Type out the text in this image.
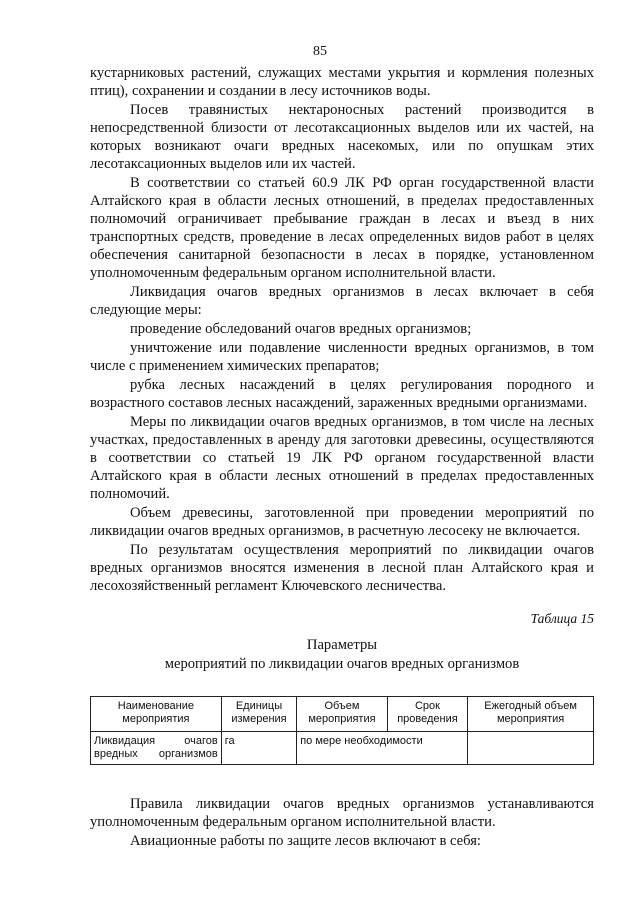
85

кустарниковых растений, служащих местами укрытия и кормления полезных птиц), сохранении и создании в лесу источников воды.

Посев травянистых нектароносных растений производится в непосредственной близости от лесотаксационных выделов или их частей, на которых возникают очаги вредных насекомых, или по опушкам этих лесотаксационных выделов или их частей.

В соответствии со статьей 60.9 ЛК РФ орган государственной власти Алтайского края в области лесных отношений, в пределах предоставленных полномочий ограничивает пребывание граждан в лесах и въезд в них транспортных средств, проведение в лесах определенных видов работ в целях обеспечения санитарной безопасности в лесах в порядке, установленном уполномоченным федеральным органом исполнительной власти.

Ликвидация очагов вредных организмов в лесах включает в себя следующие меры:

проведение обследований очагов вредных организмов;

уничтожение или подавление численности вредных организмов, в том числе с применением химических препаратов;

рубка лесных насаждений в целях регулирования породного и возрастного составов лесных насаждений, зараженных вредными организмами.

Меры по ликвидации очагов вредных организмов, в том числе на лесных участках, предоставленных в аренду для заготовки древесины, осуществляются в соответствии со статьей 19 ЛК РФ органом государственной власти Алтайского края в области лесных отношений в пределах предоставленных полномочий.

Объем древесины, заготовленной при проведении мероприятий по ликвидации очагов вредных организмов, в расчетную лесосеку не включается.

По результатам осуществления мероприятий по ликвидации очагов вредных организмов вносятся изменения в лесной план Алтайского края и лесохозяйственный регламент Ключевского лесничества.

Таблица 15
Параметры
мероприятий по ликвидации очагов вредных организмов
Наименование мероприятия	Единицы измерения	Объем мероприятия	Срок проведения	Ежегодный объем мероприятия
Ликвидация очагов вредных организмов	га	по мере необходимости		

Правила ликвидации очагов вредных организмов устанавливаются уполномоченным федеральным органом исполнительной власти.

Авиационные работы по защите лесов включают в себя:
